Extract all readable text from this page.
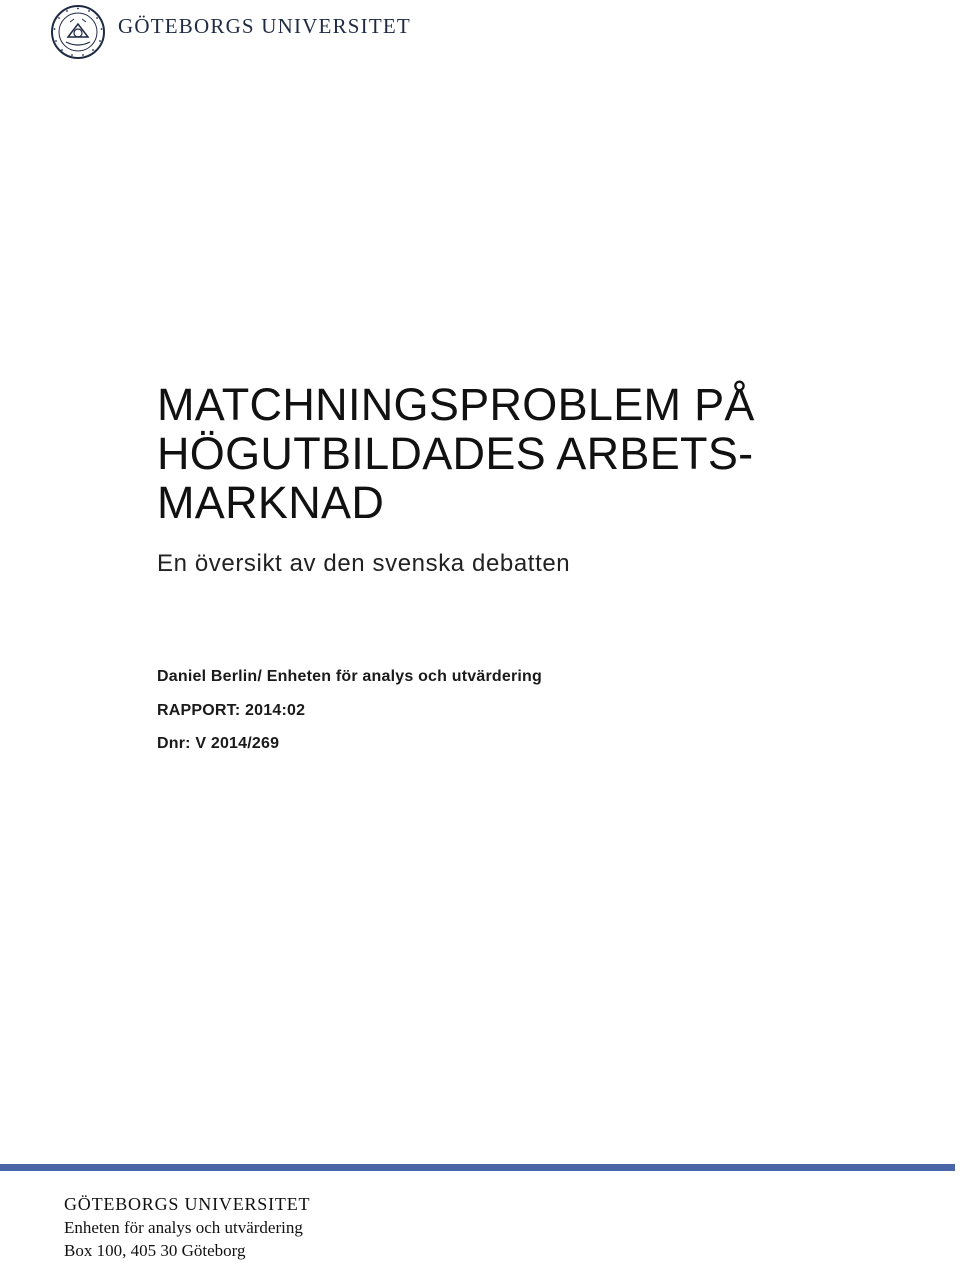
GÖTEBORGS UNIVERSITET
MATCHNINGSPROBLEM PÅ
HÖGUTBILDADES ARBETS-
MARKNAD
En översikt av den svenska debatten
Daniel Berlin/ Enheten för analys och utvärdering
RAPPORT: 2014:02
Dnr: V 2014/269
GÖTEBORGS UNIVERSITET
Enheten för analys och utvärdering
Box 100, 405 30 Göteborg
